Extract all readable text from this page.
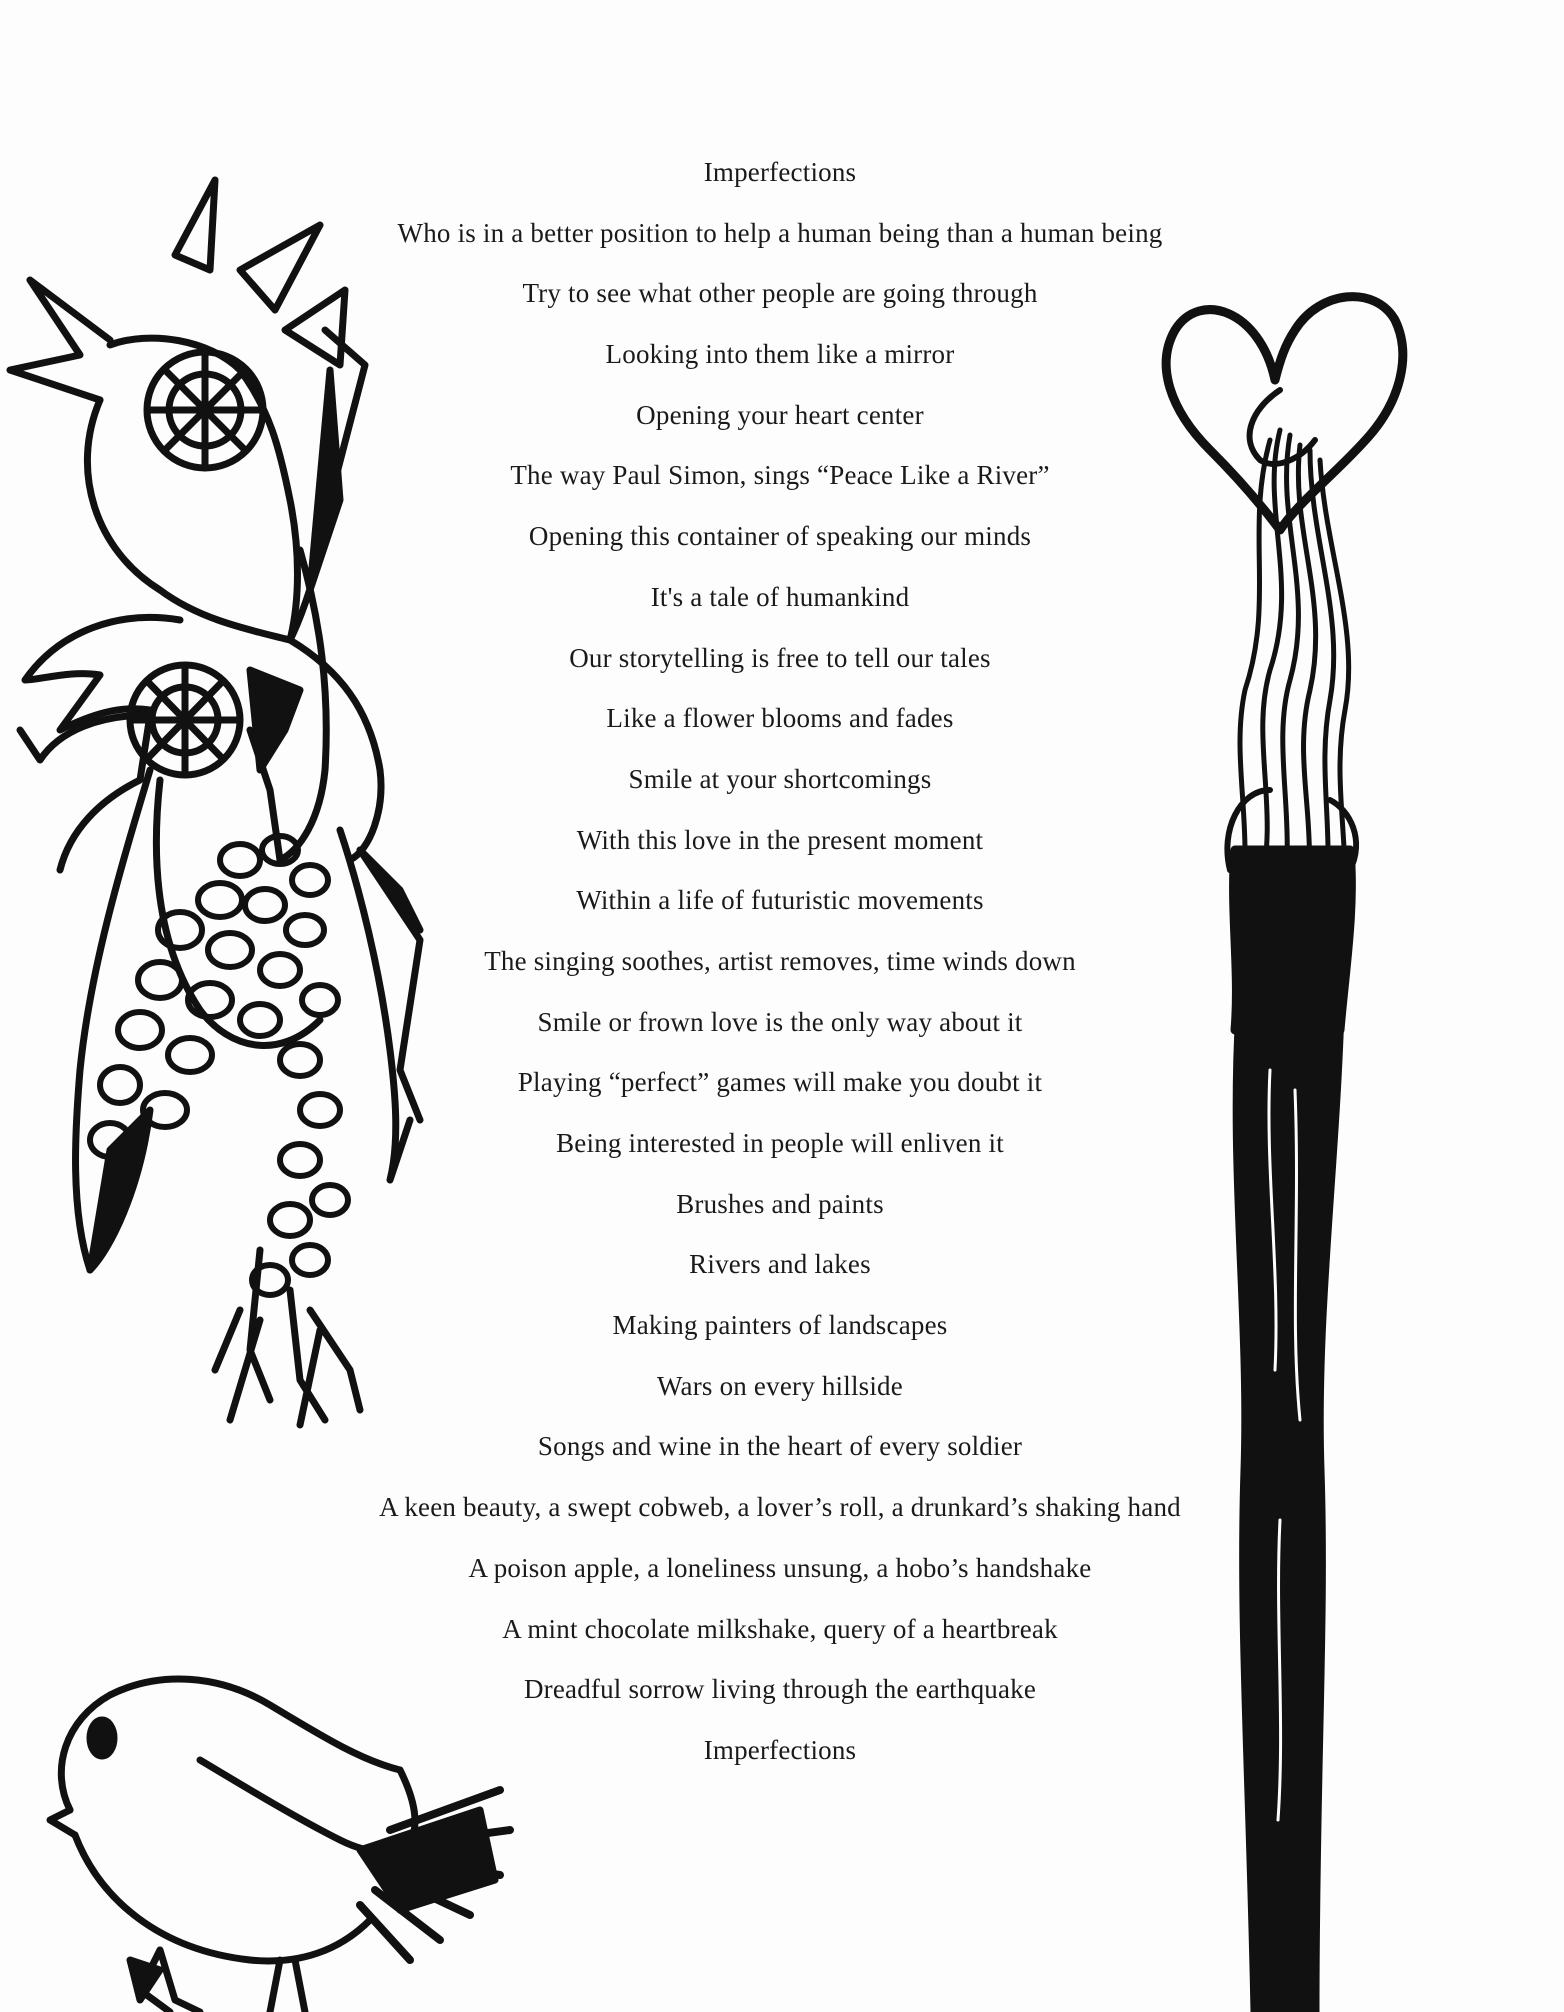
Imperfections
Who is in a better position to help a human being than a human being
Try to see what other people are going through
Looking into them like a mirror
Opening your heart center
The way Paul Simon, sings “Peace Like a River”
Opening this container of speaking our minds
It's a tale of humankind
Our storytelling is free to tell our tales
Like a flower blooms and fades
Smile at your shortcomings
With this love in the present moment
Within a life of futuristic movements
The singing soothes, artist removes, time winds down
Smile or frown love is the only way about it
Playing “perfect” games will make you doubt it
Being interested in people will enliven it
Brushes and paints
Rivers and lakes
Making painters of landscapes
Wars on every hillside
Songs and wine in the heart of every soldier
A keen beauty, a swept cobweb, a lover’s roll, a drunkard’s shaking hand
A poison apple, a loneliness unsung, a hobo’s handshake
A mint chocolate milkshake, query of a heartbreak
Dreadful sorrow living through the earthquake
Imperfections
